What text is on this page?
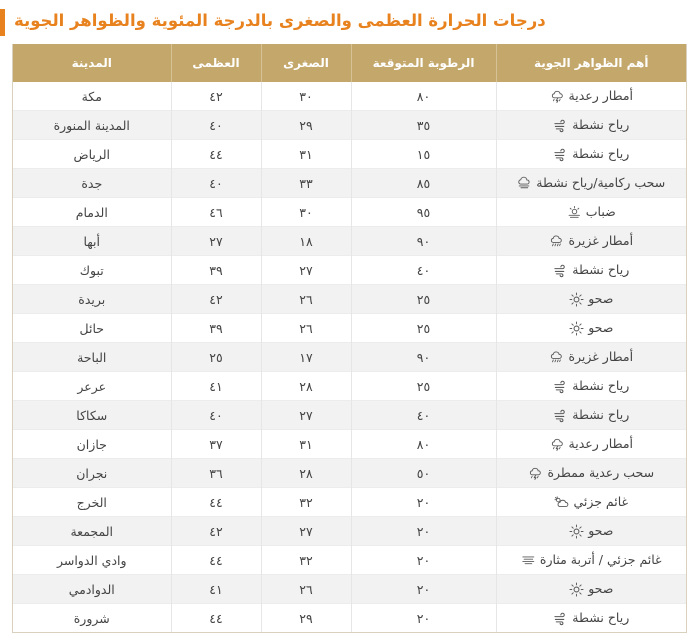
درجات الحرارة العظمى والصغرى بالدرجة المئوية والظواهر الجوية
أهم الظواهر الجوية	الرطوبة المتوقعة	الصغرى	العظمى	المدينة

أمطار رعدية	٨٠	٣٠	٤٢	مكة

رياح نشطة	٣٥	٢٩	٤٠	المدينة المنورة

رياح نشطة	١٥	٣١	٤٤	الرياض

سحب ركامية/رياح نشطة	٨٥	٣٣	٤٠	جدة

ضباب	٩٥	٣٠	٤٦	الدمام

أمطار غزيرة	٩٠	١٨	٢٧	أبها

رياح نشطة	٤٠	٢٧	٣٩	تبوك

صحو	٢٥	٢٦	٤٢	بريدة

صحو	٢٥	٢٦	٣٩	حائل

أمطار غزيرة	٩٠	١٧	٢٥	الباحة

رياح نشطة	٢٥	٢٨	٤١	عرعر

رياح نشطة	٤٠	٢٧	٤٠	سكاكا

أمطار رعدية	٨٠	٣١	٣٧	جازان

سحب رعدية ممطرة	٥٠	٢٨	٣٦	نجران

غائم جزئي	٢٠	٣٢	٤٤	الخرج

صحو	٢٠	٢٧	٤٢	المجمعة

غائم جزئي / أتربة مثارة	٢٠	٣٢	٤٤	وادي الدواسر

صحو	٢٠	٢٦	٤١	الدوادمي

رياح نشطة	٢٠	٢٩	٤٤	شرورة
